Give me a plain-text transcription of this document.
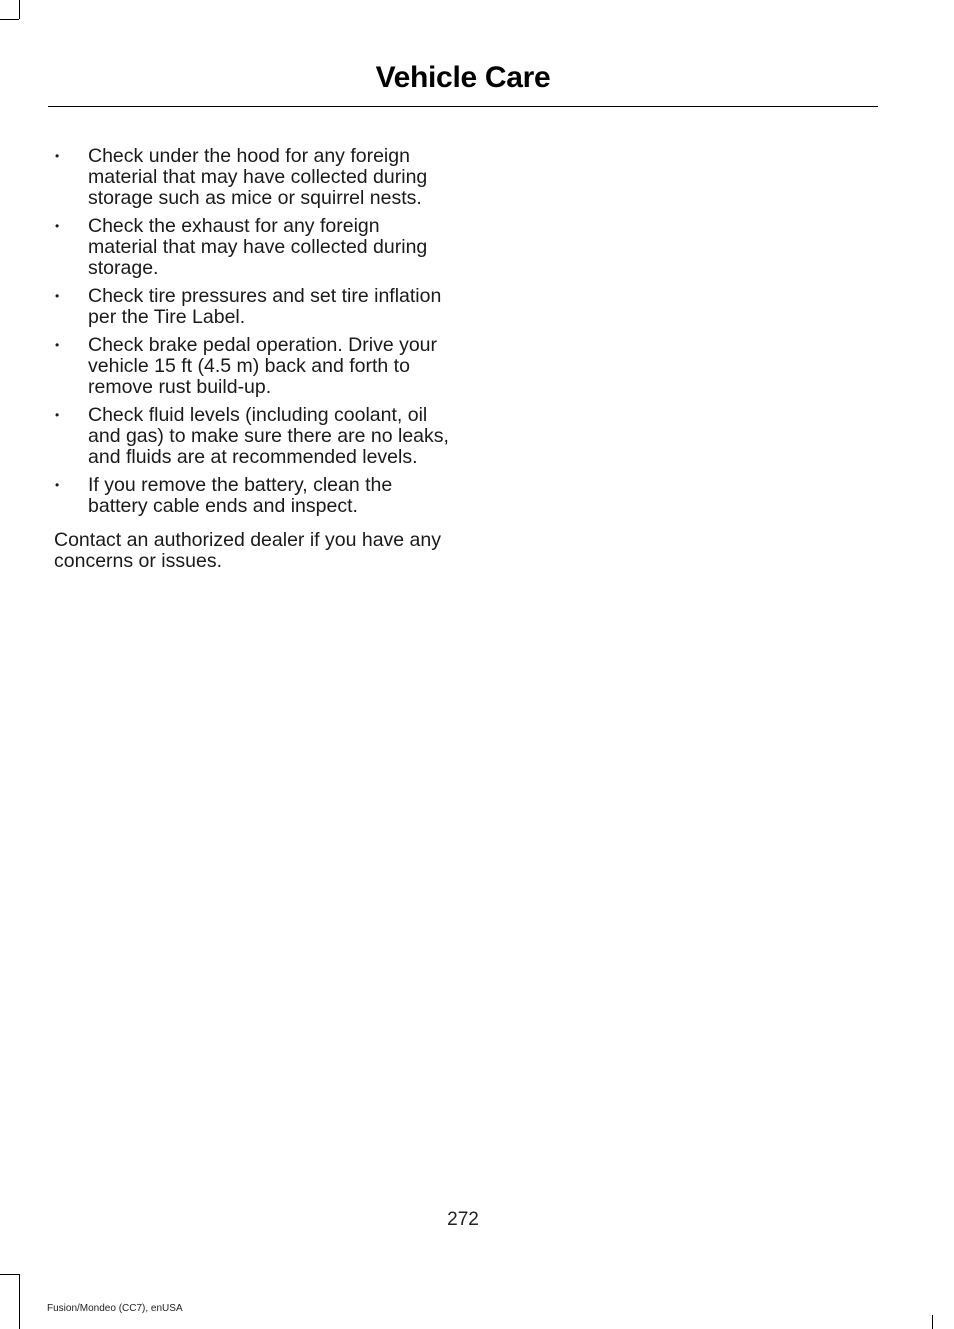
Vehicle Care
• Check under the hood for any foreign material that may have collected during storage such as mice or squirrel nests.
• Check the exhaust for any foreign material that may have collected during storage.
• Check tire pressures and set tire inflation per the Tire Label.
• Check brake pedal operation. Drive your vehicle 15 ft (4.5 m) back and forth to remove rust build-up.
• Check fluid levels (including coolant, oil and gas) to make sure there are no leaks, and fluids are at recommended levels.
• If you remove the battery, clean the battery cable ends and inspect.

Contact an authorized dealer if you have any concerns or issues.

272
Fusion/Mondeo (CC7), enUSA
